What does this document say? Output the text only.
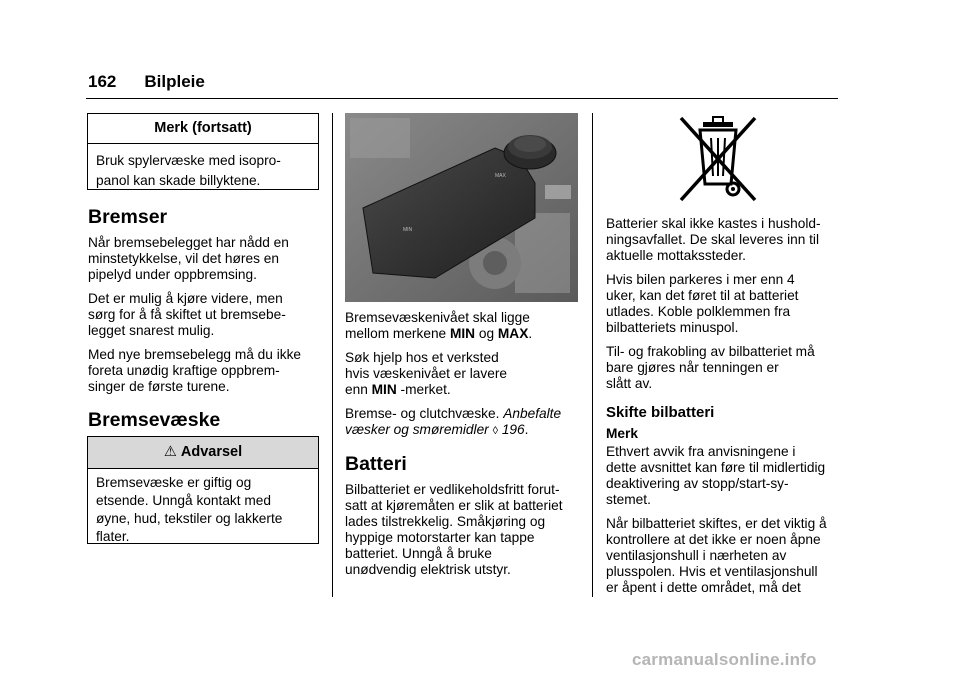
162 Bilpleie
Merk (fortsatt)
Bruk spylervæske med isopro-
panol kan skade billyktene.
Bremser

Når bremsebelegget har nådd en
minstetykkelse, vil det høres en
pipelyd under oppbremsing.

Det er mulig å kjøre videre, men
sørg for å få skiftet ut bremsebe-
legget snarest mulig.

Med nye bremsebelegg må du ikke
foreta unødig kraftige oppbrem-
singer de første turene.

Bremsevæske
⚠ Advarsel
Bremsevæske er giftig og
etsende. Unngå kontakt med
øyne, hud, tekstiler og lakkerte
flater.
MAX
MIN

Bremsevæskenivået skal ligge
mellom merkene MIN og MAX.

Søk hjelp hos et verksted
hvis væskenivået er lavere
enn MIN -merket.

Bremse- og clutchvæske. Anbefalte
væsker og smøremidler ◊ 196.

Batteri

Bilbatteriet er vedlikeholdsfritt forut-
satt at kjøremåten er slik at batteriet
lades tilstrekkelig. Småkjøring og
hyppige motorstarter kan tappe
batteriet. Unngå å bruke
unødvendig elektrisk utstyr.

Batterier skal ikke kastes i hushold-
ningsavfallet. De skal leveres inn til
aktuelle mottakssteder.

Hvis bilen parkeres i mer enn 4
uker, kan det føret til at batteriet
utlades. Koble polklemmen fra
bilbatteriets minuspol.

Til- og frakobling av bilbatteriet må
bare gjøres når tenningen er
slått av.

Skifte bilbatteri
Merk

Ethvert avvik fra anvisningene i
dette avsnittet kan føre til midlertidig
deaktivering av stopp/start-sy-
stemet.

Når bilbatteriet skiftes, er det viktig å
kontrollere at det ikke er noen åpne
ventilasjonshull i nærheten av
plusspolen. Hvis et ventilasjonshull
er åpent i dette området, må det

carmanualsonline.info
